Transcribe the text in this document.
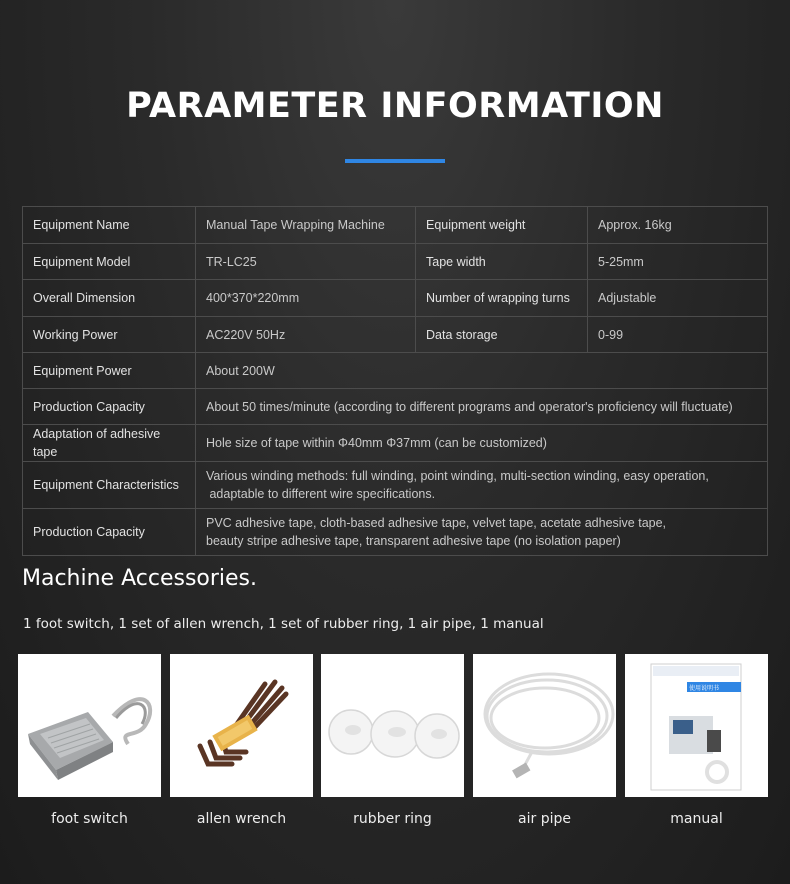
PARAMETER INFORMATION
Equipment Name	Manual Tape Wrapping Machine	Equipment weight	Approx. 16kg
Equipment Model	TR-LC25	Tape width	5-25mm
Overall Dimension	400*370*220mm	Number of wrapping turns	Adjustable
Working Power	AC220V 50Hz	Data storage	0-99
Equipment Power	About 200W		
Production Capacity	About 50 times/minute (according to different programs and operator's proficiency will fluctuate)		
Adaptation of adhesive tape	Hole size of tape within Φ40mm Φ37mm (can be customized)		
Equipment Characteristics	Various winding methods: full winding, point winding, multi-section winding, easy operation,
adaptable to different wire specifications.		

Production Capacity	PVC adhesive tape, cloth-based adhesive tape, velvet tape, acetate adhesive tape,
beauty stripe adhesive tape, transparent adhesive tape (no isolation paper)		
Machine Accessories.
1 foot switch, 1 set of allen wrench, 1 set of rubber ring, 1 air pipe, 1 manual
foot switch	allen wrench	rubber ring	air pipe
使用说明书
manual
